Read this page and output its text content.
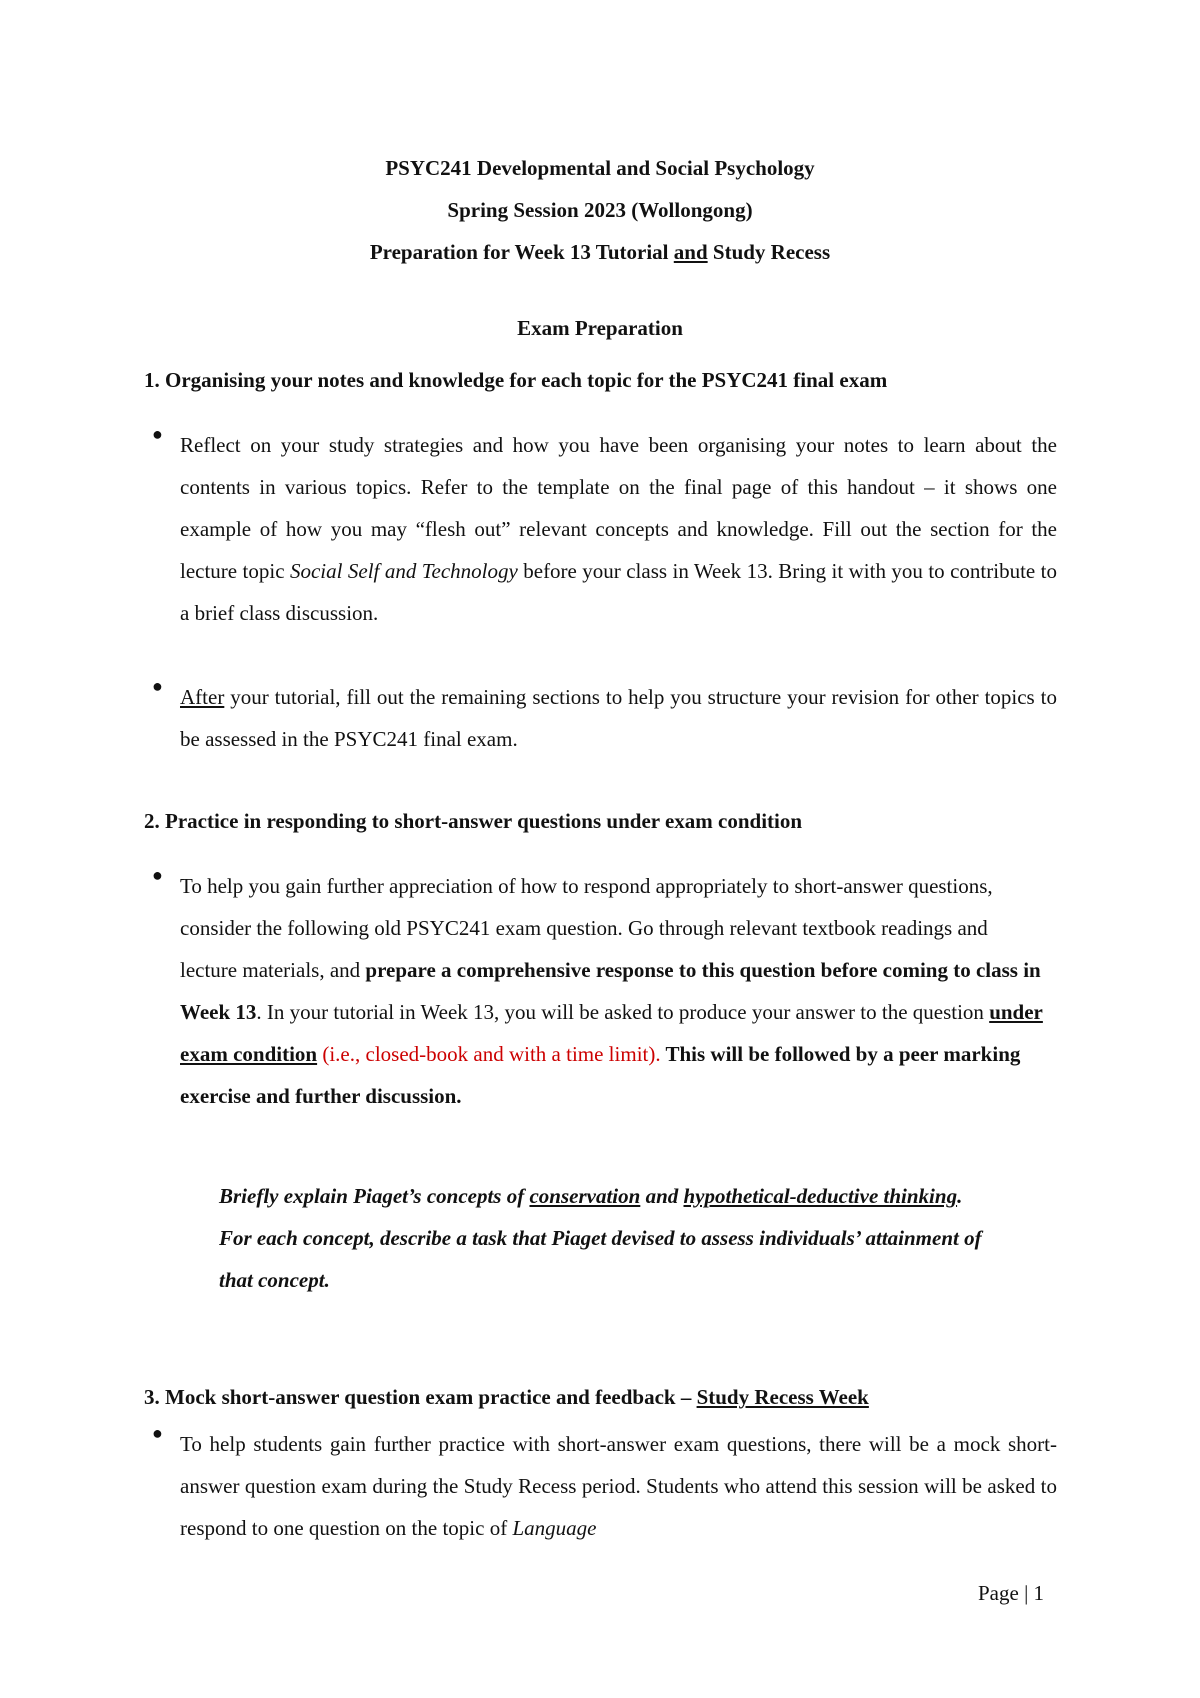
PSYC241 Developmental and Social Psychology
Spring Session 2023 (Wollongong)
Preparation for Week 13 Tutorial and Study Recess
Exam Preparation
1. Organising your notes and knowledge for each topic for the PSYC241 final exam
● Reflect on your study strategies and how you have been organising your notes to learn about the contents in various topics. Refer to the template on the final page of this handout – it shows one example of how you may “flesh out” relevant concepts and knowledge. Fill out the section for the lecture topic Social Self and Technology before your class in Week 13. Bring it with you to contribute to a brief class discussion.
● After your tutorial, fill out the remaining sections to help you structure your revision for other topics to be assessed in the PSYC241 final exam.
2. Practice in responding to short-answer questions under exam condition
● To help you gain further appreciation of how to respond appropriately to short-answer questions, consider the following old PSYC241 exam question. Go through relevant textbook readings and lecture materials, and prepare a comprehensive response to this question before coming to class in Week 13. In your tutorial in Week 13, you will be asked to produce your answer to the question under exam condition (i.e., closed-book and with a time limit). This will be followed by a peer marking exercise and further discussion.
Briefly explain Piaget’s concepts of conservation and hypothetical-deductive thinking. For each concept, describe a task that Piaget devised to assess individuals’ attainment of that concept.
3. Mock short-answer question exam practice and feedback – Study Recess Week
● To help students gain further practice with short-answer exam questions, there will be a mock short-answer question exam during the Study Recess period. Students who attend this session will be asked to respond to one question on the topic of Language
Page | 1
